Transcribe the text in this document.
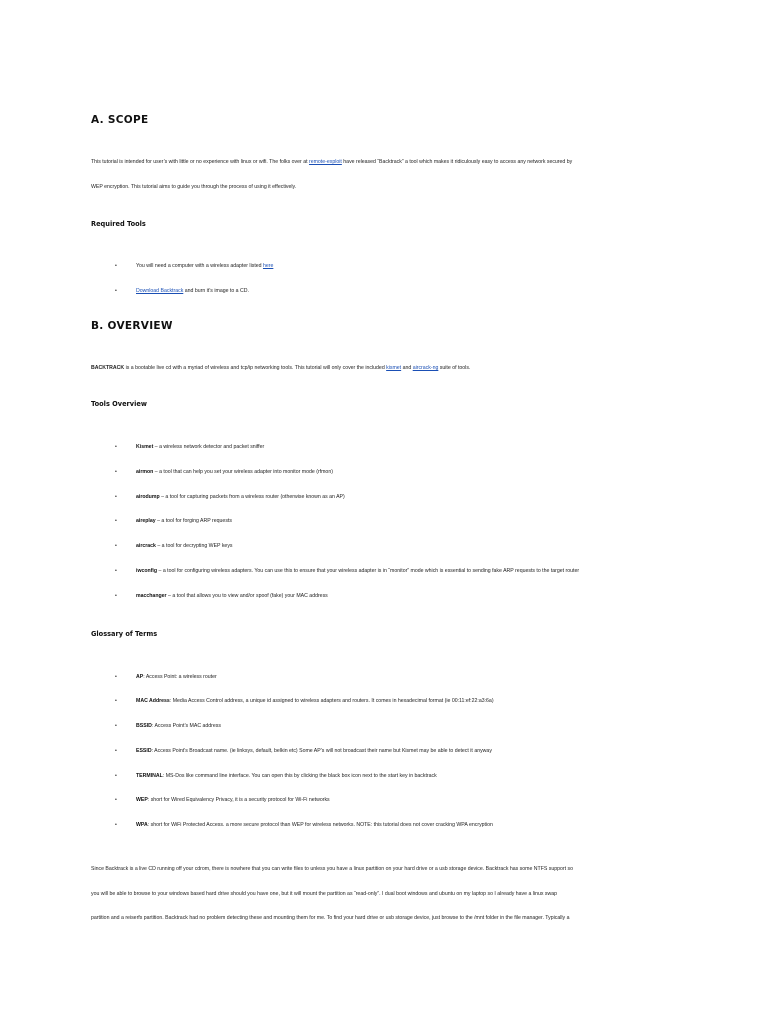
A. SCOPE
This tutorial is intended for user’s with little or no experience with linux or wifi. The folks over at remote-exploit have released “Backtrack” a tool which makes it ridiculously easy to access any network secured by
WEP encryption. This tutorial aims to guide you through the process of using it effectively.
Required Tools
•	You will need a computer with a wireless adapter listed here
•	Download Backtrack and burn it’s image to a CD.
B. OVERVIEW
BACKTRACK is a bootable live cd with a myriad of wireless and tcp/ip networking tools. This tutorial will only cover the included kismet and aircrack-ng suite of tools.
Tools Overview
•	Kismet – a wireless network detector and packet sniffer
•	airmon – a tool that can help you set your wireless adapter into monitor mode (rfmon)
•	airodump – a tool for capturing packets from a wireless router (otherwise known as an AP)
•	aireplay – a tool for forging ARP requests
•	aircrack – a tool for decrypting WEP keys
•	iwconfig – a tool for configuring wireless adapters. You can use this to ensure that your wireless adapter is in “monitor” mode which is essential to sending fake ARP requests to the target router
•	macchanger – a tool that allows you to view and/or spoof (fake) your MAC address
Glossary of Terms
•	AP: Access Point: a wireless router
•	MAC Address: Media Access Control address, a unique id assigned to wireless adapters and routers. It comes in hexadecimal format (ie 00:11:ef:22:a3:6a)
•	BSSID: Access Point’s MAC address
•	ESSID: Access Point’s Broadcast name. (ie linksys, default, belkin etc) Some AP’s will not broadcast their name but Kismet may be able to detect it anyway
•	TERMINAL: MS-Dos like command line interface. You can open this by clicking the black box icon next to the start key in backtrack
•	WEP: short for Wired Equivalency Privacy, it is a security protocol for Wi-Fi networks
•	WPA: short for WiFi Protected Access. a more secure protocol than WEP for wireless networks. NOTE: this tutorial does not cover cracking WPA encryption
Since Backtrack is a live CD running off your cdrom, there is nowhere that you can write files to unless you have a linux partition on your hard drive or a usb storage device. Backtrack has some NTFS support so
you will be able to browse to your windows based hard drive should you have one, but it will mount the partition as “read-only”. I dual boot windows and ubuntu on my laptop so I already have a linux swap
partition and a reiserfs partition. Backtrack had no problem detecting these and mounting them for me. To find your hard drive or usb storage device, just browse to the /mnt folder in the file manager. Typically a
